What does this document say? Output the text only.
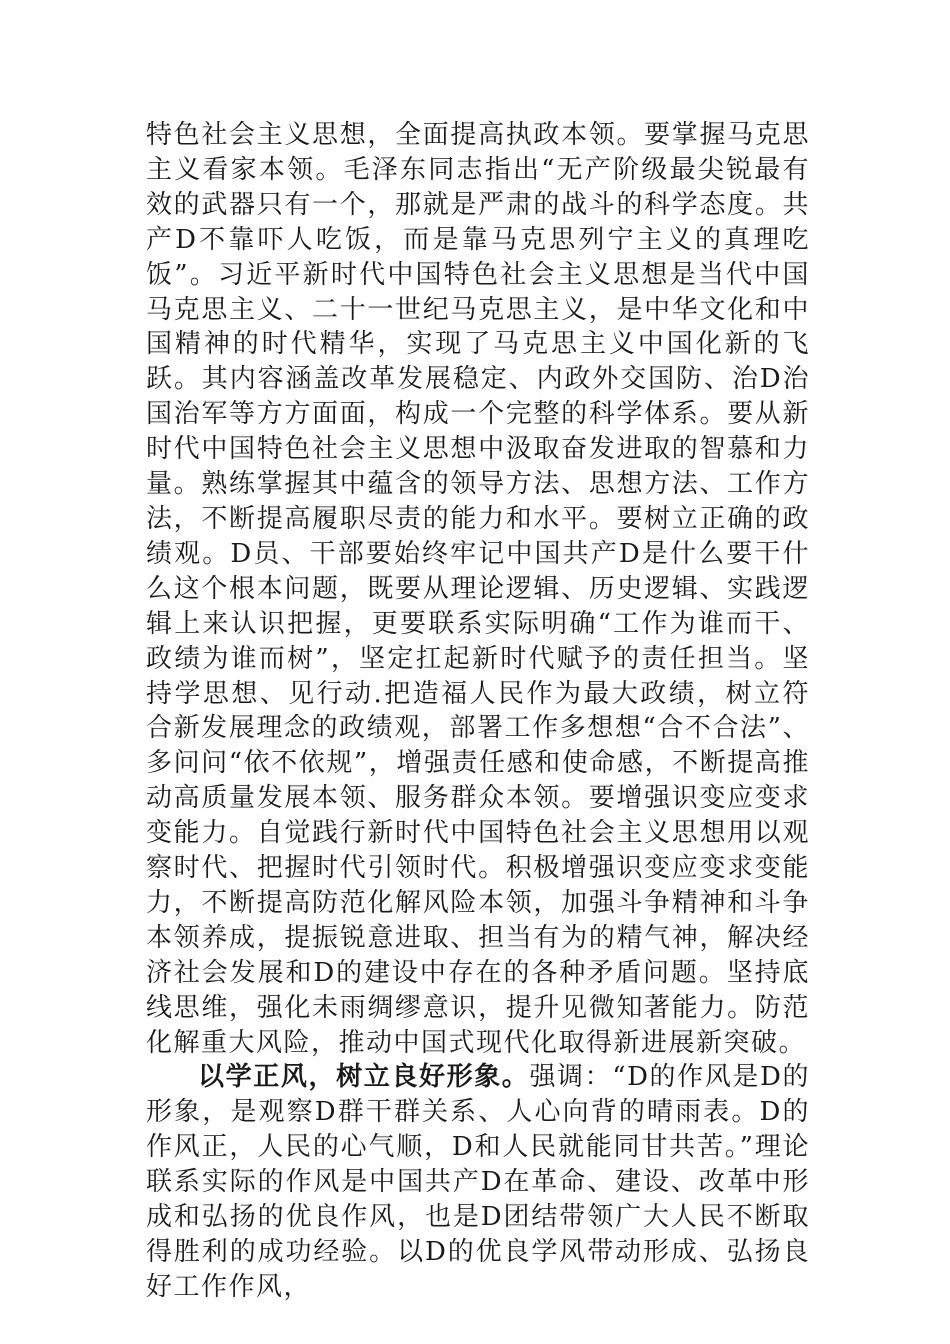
特色社会主义思想，全面提高执政本领。要掌握马克思主义看家本领。毛泽东同志指出“无产阶级最尖锐最有效的武器只有一个，那就是严肃的战斗的科学态度。共产D不靠吓人吃饭，而是靠马克思列宁主义的真理吃饭”。习近平新时代中国特色社会主义思想是当代中国马克思主义、二十一世纪马克思主义，是中华文化和中国精神的时代精华，实现了马克思主义中国化新的飞跃。其内容涵盖改革发展稳定、内政外交国防、治D治国治军等方方面面，构成一个完整的科学体系。要从新时代中国特色社会主义思想中汲取奋发进取的智慕和力量。熟练掌握其中蕴含的领导方法、思想方法、工作方法，不断提高履职尽责的能力和水平。要树立正确的政绩观。D员、干部要始终牢记中国共产D是什么要干什么这个根本问题，既要从理论逻辑、历史逻辑、实践逻辑上来认识把握，更要联系实际明确“工作为谁而干、政绩为谁而树”，坚定扛起新时代赋予的责任担当。坚持学思想、见行动.把造福人民作为最大政绩，树立符合新发展理念的政绩观，部署工作多想想“合不合法”、多问问“依不依规”，增强责任感和使命感，不断提高推动高质量发展本领、服务群众本领。要增强识变应变求变能力。自觉践行新时代中国特色社会主义思想用以观察时代、把握时代引领时代。积极增强识变应变求变能力，不断提高防范化解风险本领，加强斗争精神和斗争本领养成，提振锐意进取、担当有为的精气神，解决经济社会发展和D的建设中存在的各种矛盾问题。坚持底线思维，强化未雨绸缪意识，提升见微知著能力。防范化解重大风险，推动中国式现代化取得新进展新突破。

以学正风，树立良好形象。强调：“D的作风是D的形象，是观察D群干群关系、人心向背的晴雨表。D的作风正，人民的心气顺，D和人民就能同甘共苦。”理论联系实际的作风是中国共产D在革命、建设、改革中形成和弘扬的优良作风，也是D团结带领广大人民不断取得胜利的成功经验。以D的优良学风带动形成、弘扬良好工作作风，
